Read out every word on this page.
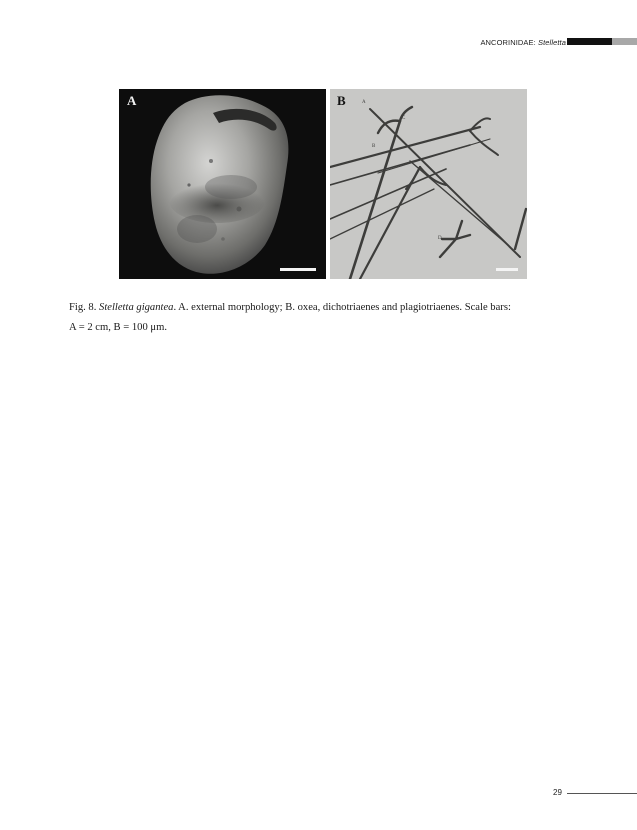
ANCORINIDAE: Stelletta
A	A
C
B
D
B
Fig. 8. Stelletta gigantea. A. external morphology; B. oxea, dichotriaenes and plagiotriaenes. Scale bars:
A = 2 cm, B = 100 μm.
29
